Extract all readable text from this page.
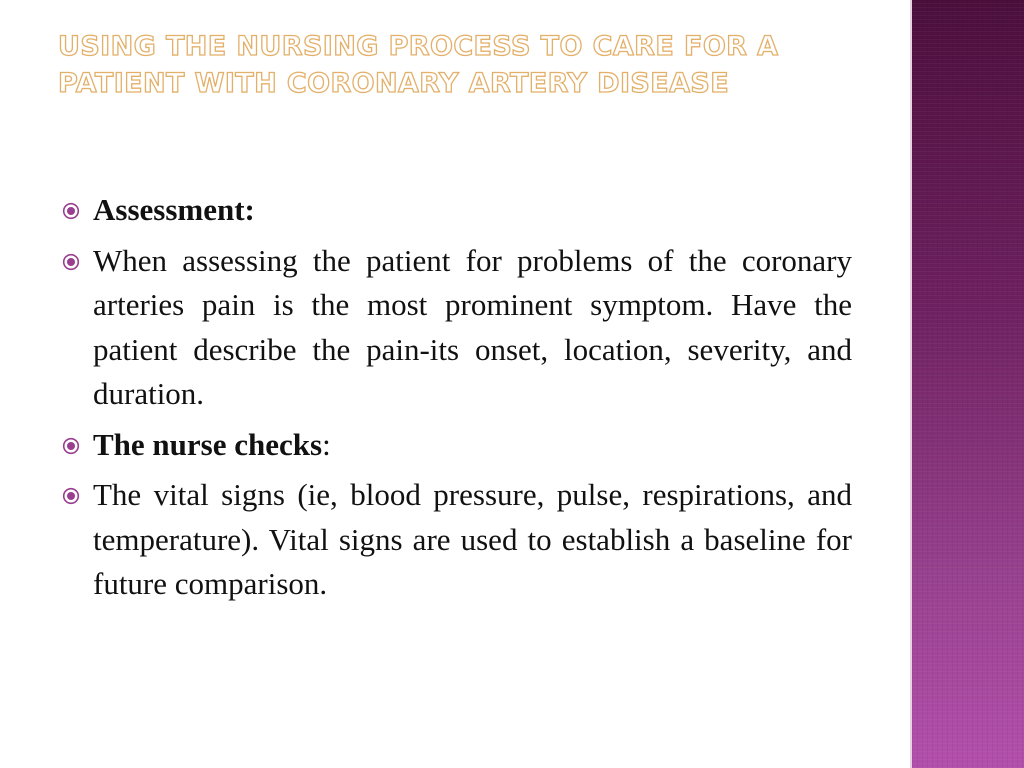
USING THE NURSING PROCESS TO CARE FOR A
PATIENT WITH CORONARY ARTERY DISEASE
Assessment:
When assessing the patient for problems of the coronary arteries pain is the most prominent symptom. Have the patient describe the pain-its onset, location, severity, and duration.
The nurse checks:
The vital signs (ie, blood pressure, pulse, respirations, and temperature). Vital signs are used to establish a baseline for future comparison.
